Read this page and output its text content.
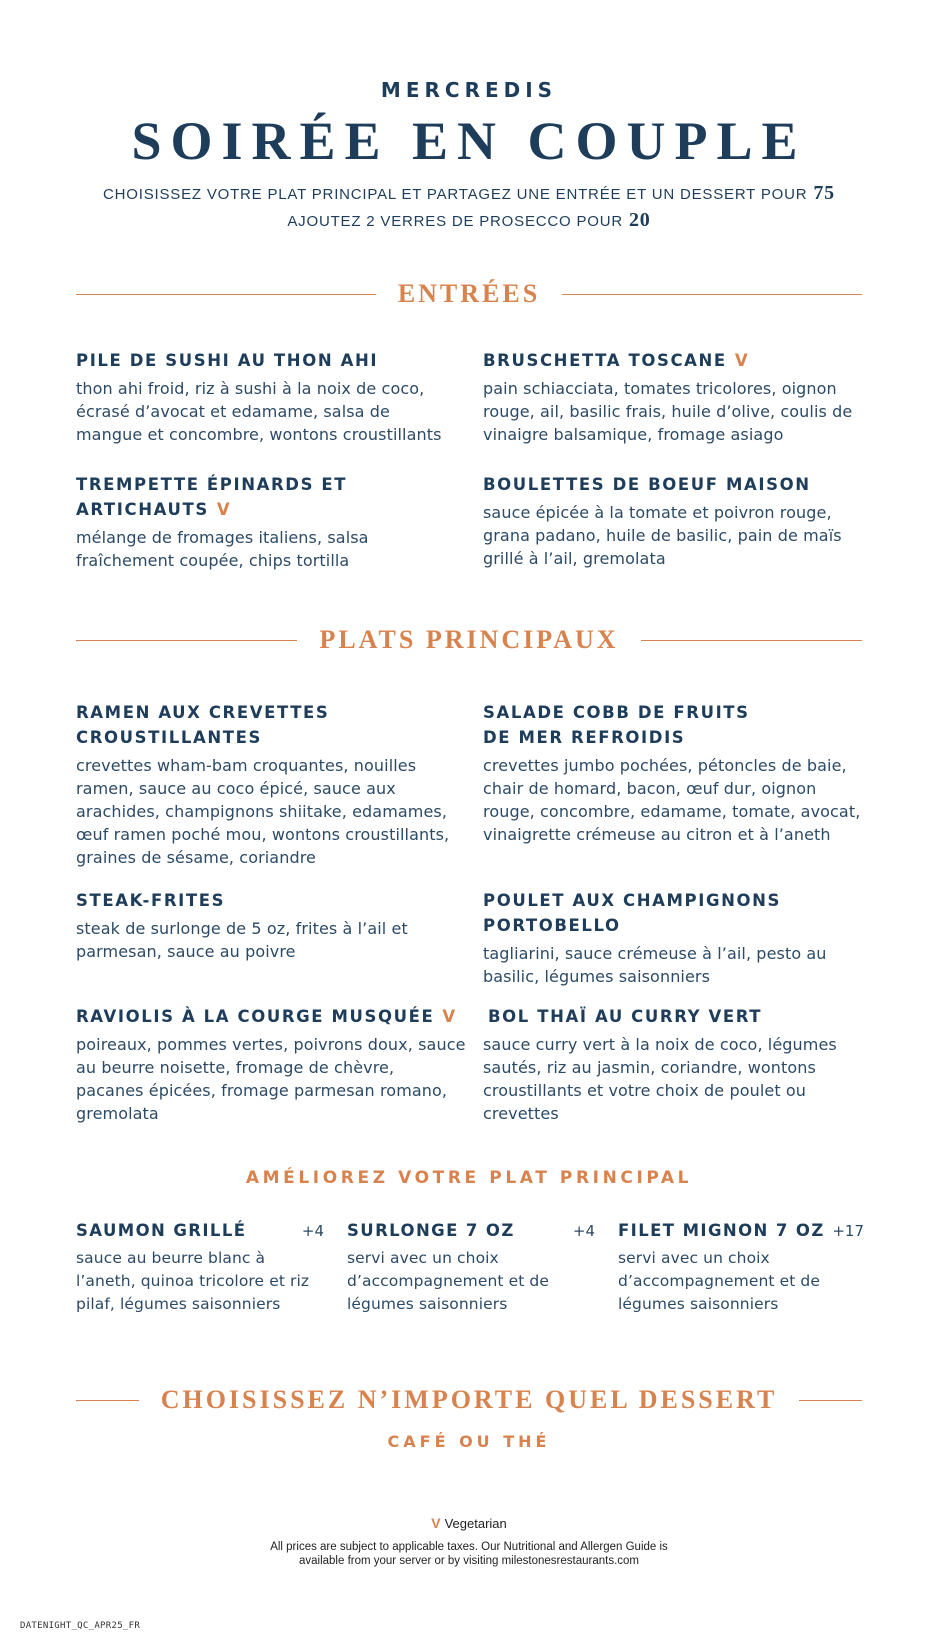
MERCREDIS
SOIRÉE EN COUPLE
CHOISISSEZ VOTRE PLAT PRINCIPAL ET PARTAGEZ UNE ENTRÉE ET UN DESSERT POUR 75
AJOUTEZ 2 VERRES DE PROSECCO POUR 20
ENTRÉES
PILE DE SUSHI AU THON AHI
thon ahi froid, riz à sushi à la noix de coco, écrasé d’avocat et edamame, salsa de mangue et concombre, wontons croustillants
BRUSCHETTA TOSCANE V
pain schiacciata, tomates tricolores, oignon rouge, ail, basilic frais, huile d’olive, coulis de vinaigre balsamique, fromage asiago
TREMPETTE ÉPINARDS ET ARTICHAUTS V
mélange de fromages italiens, salsa fraîchement coupée, chips tortilla
BOULETTES DE BOEUF MAISON
sauce épicée à la tomate et poivron rouge, grana padano, huile de basilic, pain de maïs grillé à l’ail, gremolata
PLATS PRINCIPAUX
RAMEN AUX CREVETTES CROUSTILLANTES
crevettes wham-bam croquantes, nouilles ramen, sauce au coco épicé, sauce aux arachides, champignons shiitake, edamames, œuf ramen poché mou, wontons croustillants, graines de sésame, coriandre
SALADE COBB DE FRUITS DE MER REFROIDIS
crevettes jumbo pochées, pétoncles de baie, chair de homard, bacon, œuf dur, oignon rouge, concombre, edamame, tomate, avocat, vinaigrette crémeuse au citron et à l’aneth
STEAK-FRITES
steak de surlonge de 5 oz, frites à l’ail et parmesan, sauce au poivre
POULET AUX CHAMPIGNONS PORTOBELLO
tagliarini, sauce crémeuse à l’ail, pesto au basilic, légumes saisonniers
RAVIOLIS À LA COURGE MUSQUÉE V
poireaux, pommes vertes, poivrons doux, sauce au beurre noisette, fromage de chèvre, pacanes épicées, fromage parmesan romano, gremolata
BOL THAÏ AU CURRY VERT
sauce curry vert à la noix de coco, légumes sautés, riz au jasmin, coriandre, wontons croustillants et votre choix de poulet ou crevettes
AMÉLIOREZ VOTRE PLAT PRINCIPAL
SAUMON GRILLÉ	+4
sauce au beurre blanc à l’aneth, quinoa tricolore et riz pilaf, légumes saisonniers
SURLONGE 7 OZ	+4
servi avec un choix d’accompagnement et de légumes saisonniers
FILET MIGNON 7 OZ +17
servi avec un choix d’accompagnement et de légumes saisonniers
CHOISISSEZ N’IMPORTE QUEL DESSERT
CAFÉ OU THÉ
V Vegetarian
All prices are subject to applicable taxes. Our Nutritional and Allergen Guide is
available from your server or by visiting milestonesrestaurants.com
DATENIGHT_QC_APR25_FR
